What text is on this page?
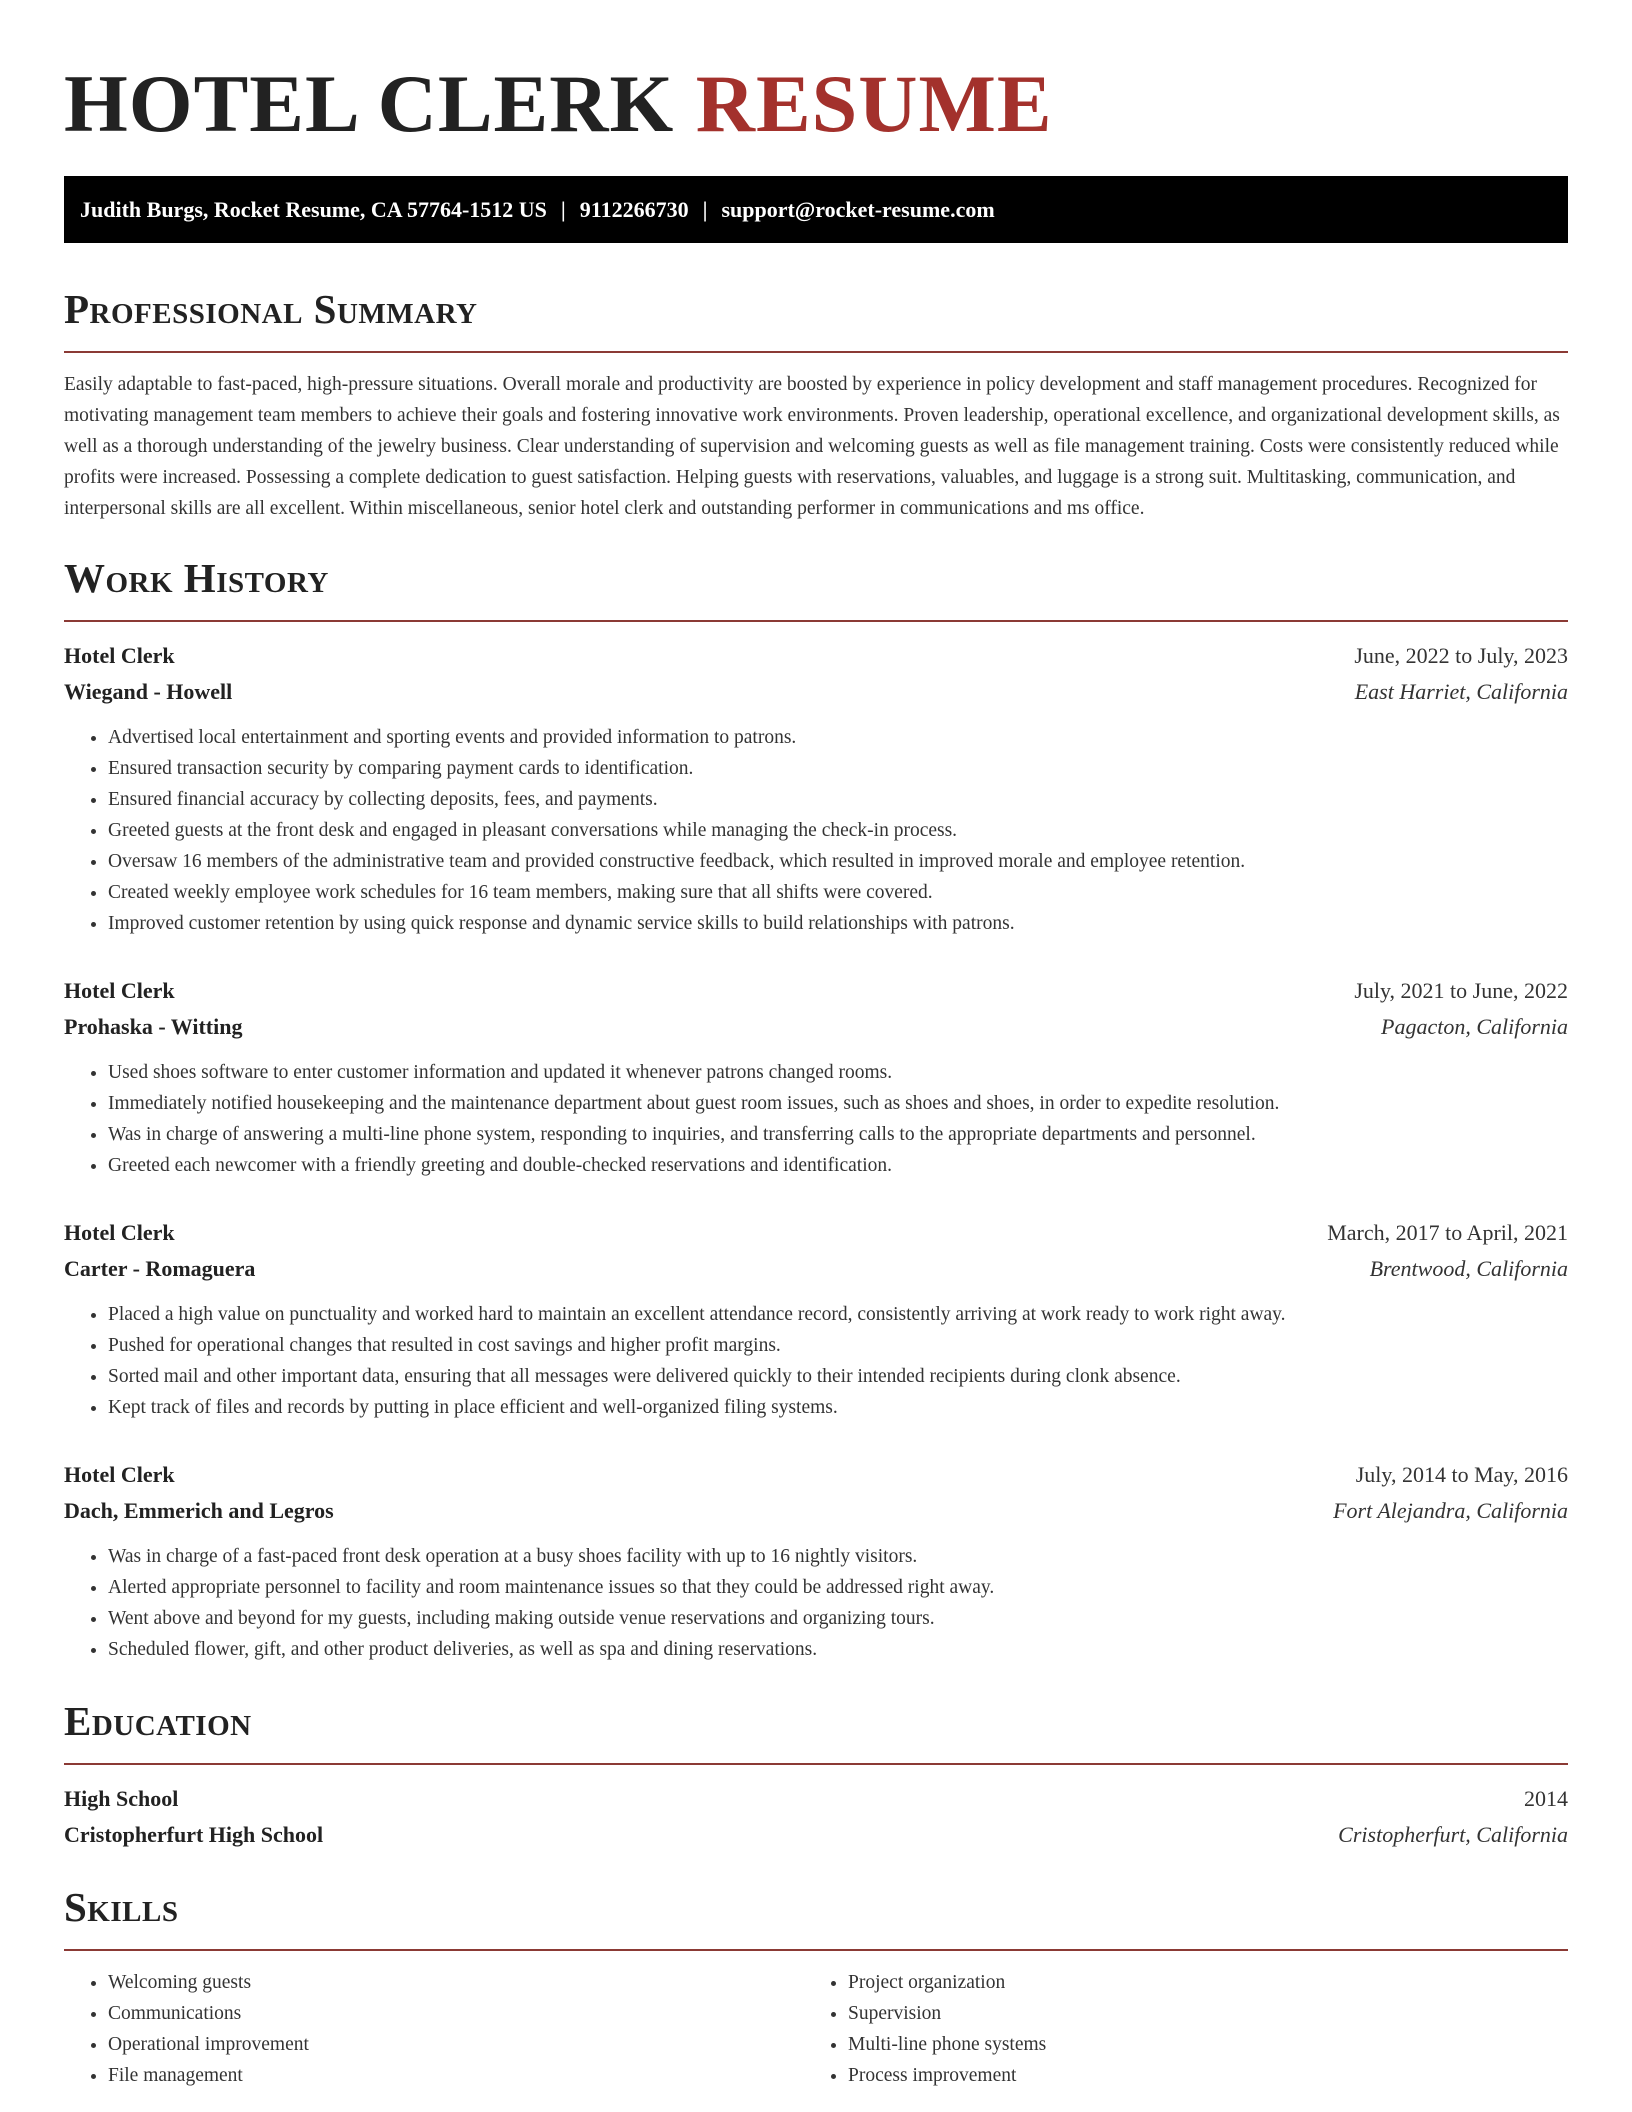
HOTEL CLERK RESUME
Judith Burgs, Rocket Resume, CA 57764-1512 US | 9112266730 | support@rocket-resume.com
Professional Summary

Easily adaptable to fast-paced, high-pressure situations. Overall morale and productivity are boosted by experience in policy development and staff management procedures. Recognized for motivating management team members to achieve their goals and fostering innovative work environments. Proven leadership, operational excellence, and organizational development skills, as well as a thorough understanding of the jewelry business. Clear understanding of supervision and welcoming guests as well as file management training. Costs were consistently reduced while profits were increased. Possessing a complete dedication to guest satisfaction. Helping guests with reservations, valuables, and luggage is a strong suit. Multitasking, communication, and interpersonal skills are all excellent. Within miscellaneous, senior hotel clerk and outstanding performer in communications and ms office.

Work History
Hotel Clerk	June, 2022 to July, 2023
Wiegand - Howell	East Harriet, California
• Advertised local entertainment and sporting events and provided information to patrons.
• Ensured transaction security by comparing payment cards to identification.
• Ensured financial accuracy by collecting deposits, fees, and payments.
• Greeted guests at the front desk and engaged in pleasant conversations while managing the check-in process.
• Oversaw 16 members of the administrative team and provided constructive feedback, which resulted in improved morale and employee retention.
• Created weekly employee work schedules for 16 team members, making sure that all shifts were covered.
• Improved customer retention by using quick response and dynamic service skills to build relationships with patrons.
Hotel Clerk	July, 2021 to June, 2022
Prohaska - Witting	Pagacton, California
• Used shoes software to enter customer information and updated it whenever patrons changed rooms.
• Immediately notified housekeeping and the maintenance department about guest room issues, such as shoes and shoes, in order to expedite resolution.
• Was in charge of answering a multi-line phone system, responding to inquiries, and transferring calls to the appropriate departments and personnel.
• Greeted each newcomer with a friendly greeting and double-checked reservations and identification.
Hotel Clerk	March, 2017 to April, 2021
Carter - Romaguera	Brentwood, California
• Placed a high value on punctuality and worked hard to maintain an excellent attendance record, consistently arriving at work ready to work right away.
• Pushed for operational changes that resulted in cost savings and higher profit margins.
• Sorted mail and other important data, ensuring that all messages were delivered quickly to their intended recipients during clonk absence.
• Kept track of files and records by putting in place efficient and well-organized filing systems.
Hotel Clerk	July, 2014 to May, 2016
Dach, Emmerich and Legros	Fort Alejandra, California
• Was in charge of a fast-paced front desk operation at a busy shoes facility with up to 16 nightly visitors.
• Alerted appropriate personnel to facility and room maintenance issues so that they could be addressed right away.
• Went above and beyond for my guests, including making outside venue reservations and organizing tours.
• Scheduled flower, gift, and other product deliveries, as well as spa and dining reservations.
Education
High School	2014
Cristopherfurt High School	Cristopherfurt, California
Skills
• Welcoming guests
• Communications
• Operational improvement
• File management
• Project organization
• Supervision
• Multi-line phone systems
• Process improvement
